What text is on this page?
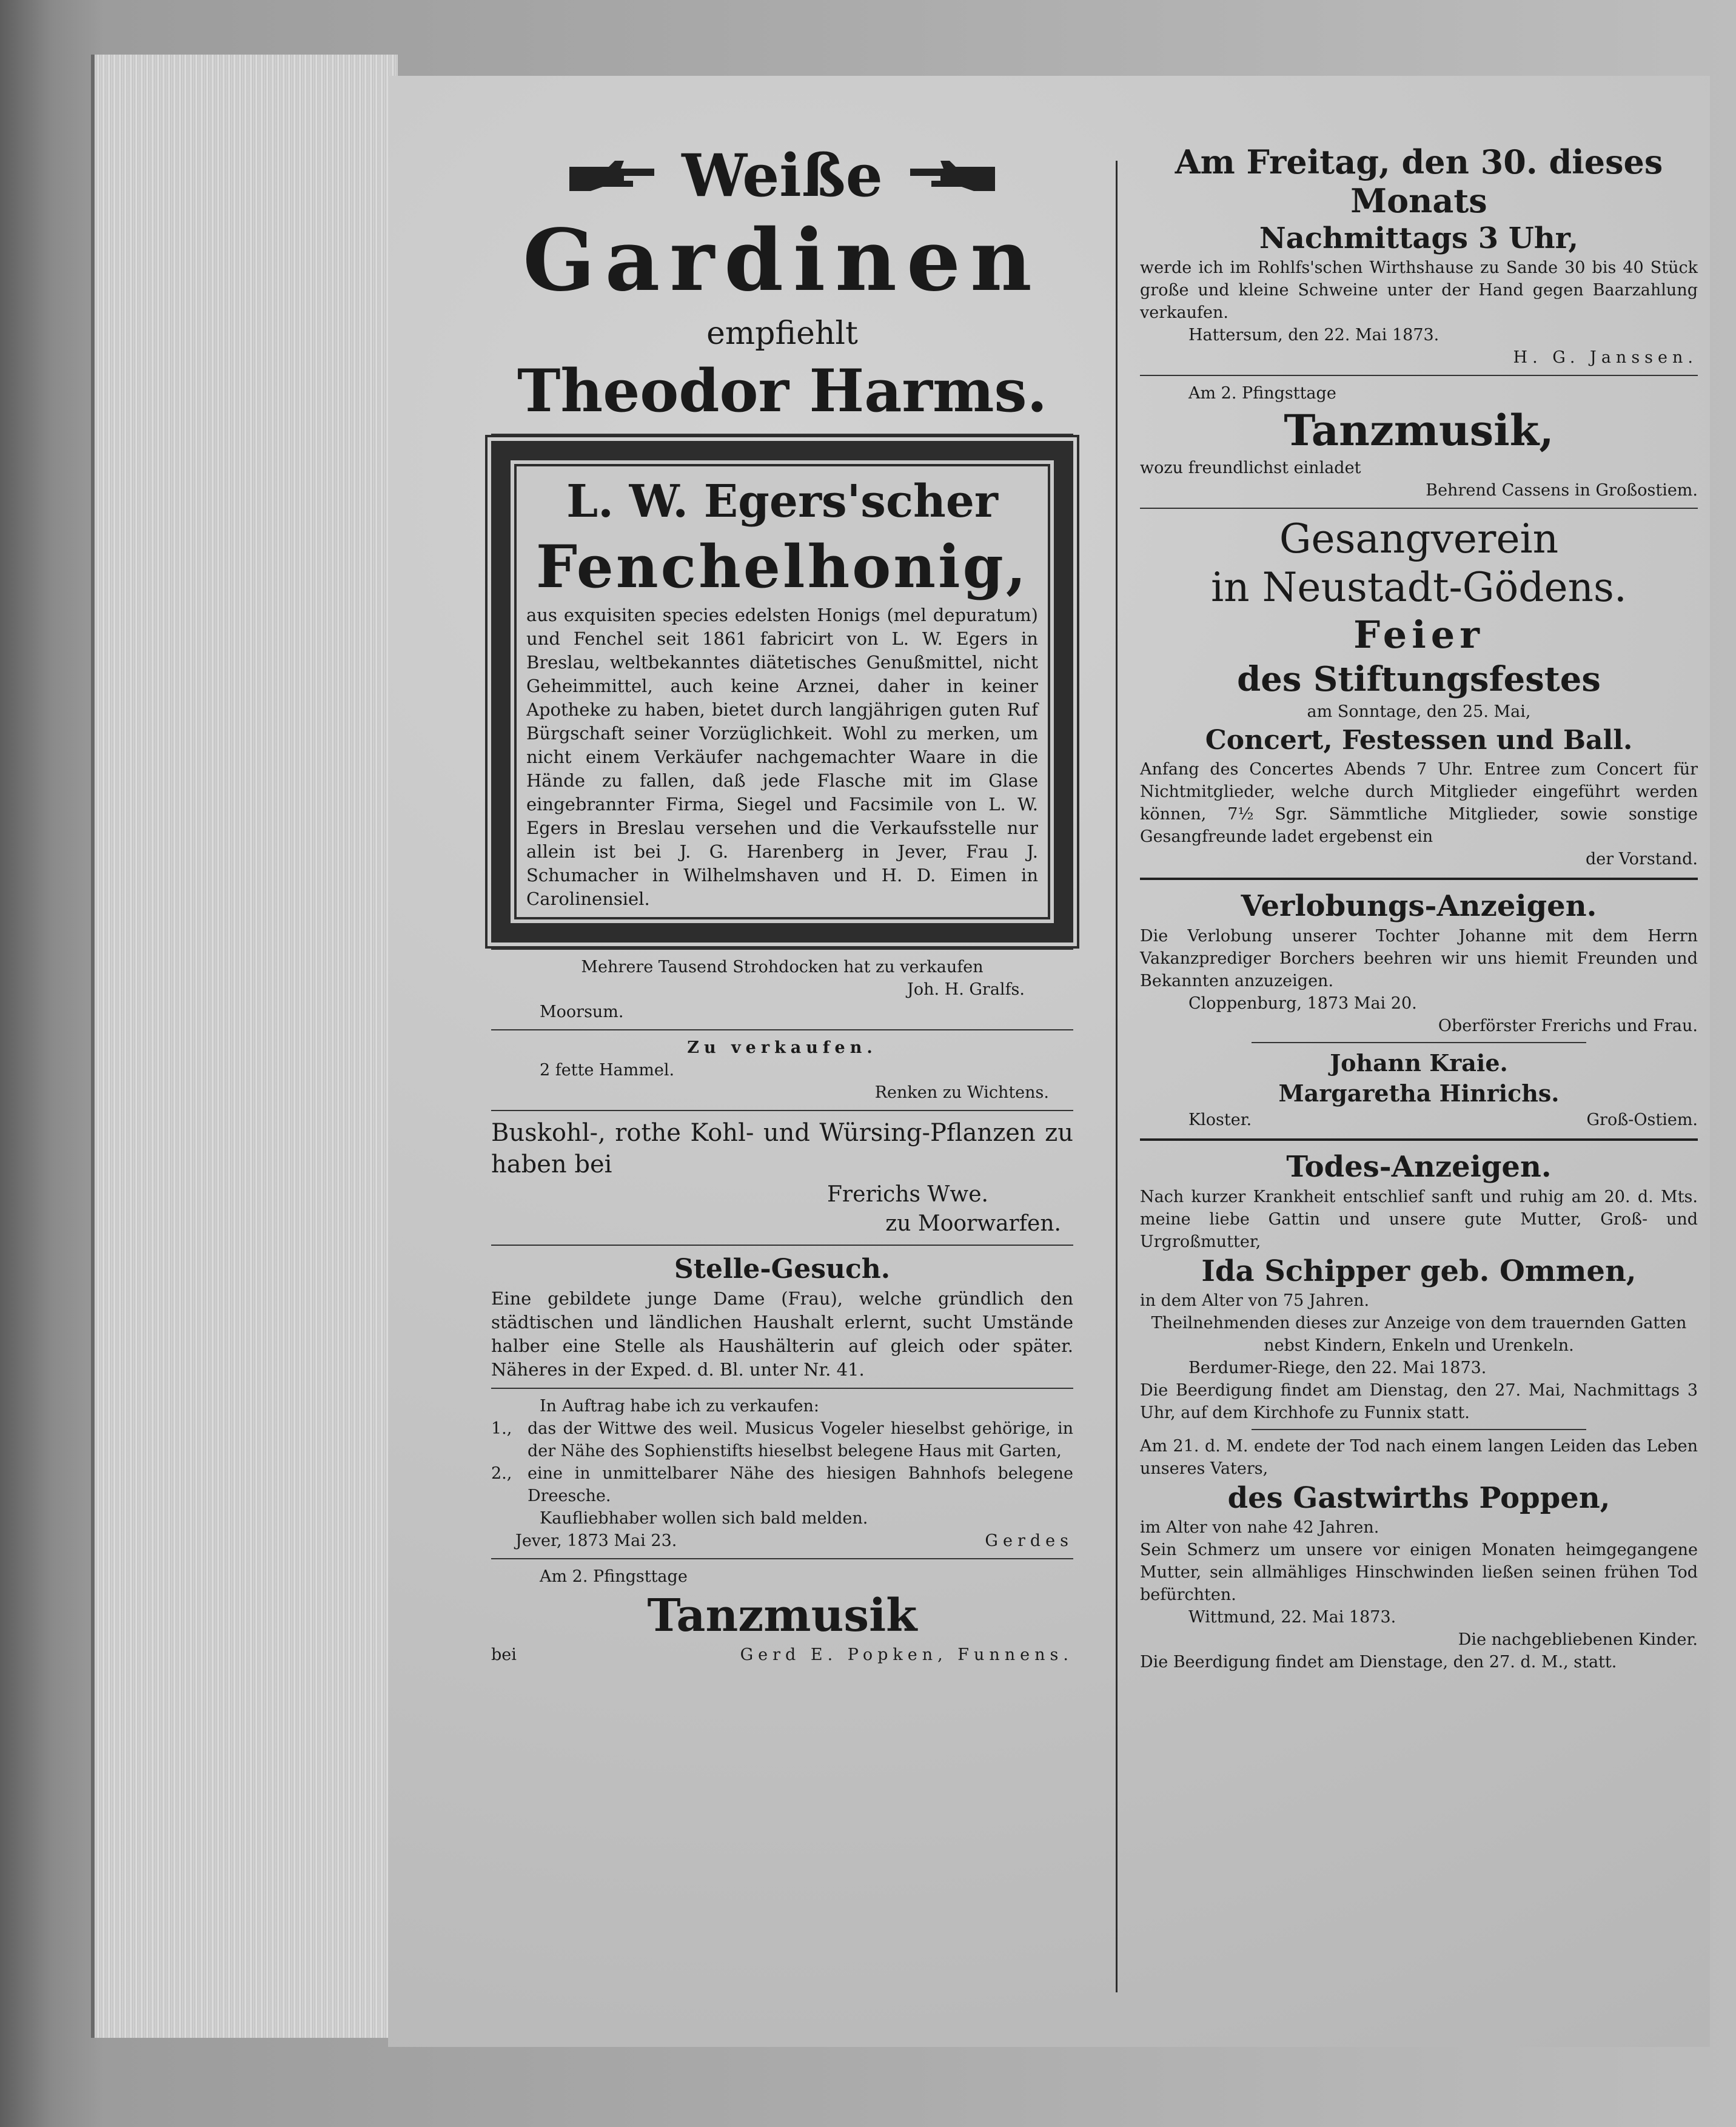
Weiße
Gardinen
empfiehlt
Theodor Harms.
L. W. Egers'scher
Fenchelhonig,

aus exquisiten species edelsten Honigs (mel depuratum) und Fenchel seit 1861 fabricirt von L. W. Egers in Breslau, weltbekanntes diätetisches Genußmittel, nicht Geheimmittel, auch keine Arznei, daher in keiner Apotheke zu haben, bietet durch langjährigen guten Ruf Bürgschaft seiner Vorzüglichkeit. Wohl zu merken, um nicht einem Verkäufer nachgemachter Waare in die Hände zu fallen, daß jede Flasche mit im Glase eingebrannter Firma, Siegel und Facsimile von L. W. Egers in Breslau versehen und die Verkaufsstelle nur allein ist bei J. G. Harenberg in Jever, Frau J. Schumacher in Wilhelmshaven und H. D. Eimen in Carolinensiel.

Mehrere Tausend Strohdocken hat zu verkaufen

Joh. H. Gralfs.

Moorsum.

Zu verkaufen.

2 fette Hammel.

Renken zu Wichtens.

Buskohl-, rothe Kohl- und Würsing-Pflanzen zu haben bei

Frerichs Wwe.

zu Moorwarfen.

Stelle-Gesuch.

Eine gebildete junge Dame (Frau), welche gründlich den städtischen und ländlichen Haushalt erlernt, sucht Umstände halber eine Stelle als Haushälterin auf gleich oder später. Näheres in der Exped. d. Bl. unter Nr. 41.

In Auftrag habe ich zu verkaufen:

1., das der Wittwe des weil. Musicus Vogeler hieselbst gehörige, in der Nähe des Sophienstifts hieselbst belegene Haus mit Garten,
2., eine in unmittelbarer Nähe des hiesigen Bahnhofs belegene Dreesche.

Kaufliebhaber wollen sich bald melden.

Jever, 1873 Mai 23.	Gerdes

Am 2. Pfingsttage

Tanzmusik

bei	Gerd E. Popken, Funnens.

Am Freitag, den 30. dieses Monats

Nachmittags 3 Uhr,

werde ich im Rohlfs'schen Wirthshause zu Sande 30 bis 40 Stück große und kleine Schweine unter der Hand gegen Baarzahlung verkaufen.

Hattersum, den 22. Mai 1873.

H. G. Janssen.

Am 2. Pfingsttage

Tanzmusik,

wozu freundlichst einladet

Behrend Cassens in Großostiem.

Gesangverein

in Neustadt-Gödens.

Feier

des Stiftungsfestes

am Sonntage, den 25. Mai,

Concert, Festessen und Ball.

Anfang des Concertes Abends 7 Uhr. Entree zum Concert für Nichtmitglieder, welche durch Mitglieder eingeführt werden können, 7½ Sgr. Sämmtliche Mitglieder, sowie sonstige Gesangfreunde ladet ergebenst ein

der Vorstand.

Verlobungs-Anzeigen.

Die Verlobung unserer Tochter Johanne mit dem Herrn Vakanzprediger Borchers beehren wir uns hiemit Freunden und Bekannten anzuzeigen.

Cloppenburg, 1873 Mai 20.

Oberförster Frerichs und Frau.

Johann Kraie.

Margaretha Hinrichs.

Kloster.	Groß-Ostiem.

Todes-Anzeigen.

Nach kurzer Krankheit entschlief sanft und ruhig am 20. d. Mts. meine liebe Gattin und unsere gute Mutter, Groß- und Urgroßmutter,

Ida Schipper geb. Ommen,

in dem Alter von 75 Jahren.

Theilnehmenden dieses zur Anzeige von dem trauernden Gatten nebst Kindern, Enkeln und Urenkeln.

Berdumer-Riege, den 22. Mai 1873.

Die Beerdigung findet am Dienstag, den 27. Mai, Nachmittags 3 Uhr, auf dem Kirchhofe zu Funnix statt.

Am 21. d. M. endete der Tod nach einem langen Leiden das Leben unseres Vaters,

des Gastwirths Poppen,

im Alter von nahe 42 Jahren.

Sein Schmerz um unsere vor einigen Monaten heimgegangene Mutter, sein allmähliges Hinschwinden ließen seinen frühen Tod befürchten.

Wittmund, 22. Mai 1873.

Die nachgebliebenen Kinder.

Die Beerdigung findet am Dienstage, den 27. d. M., statt.
